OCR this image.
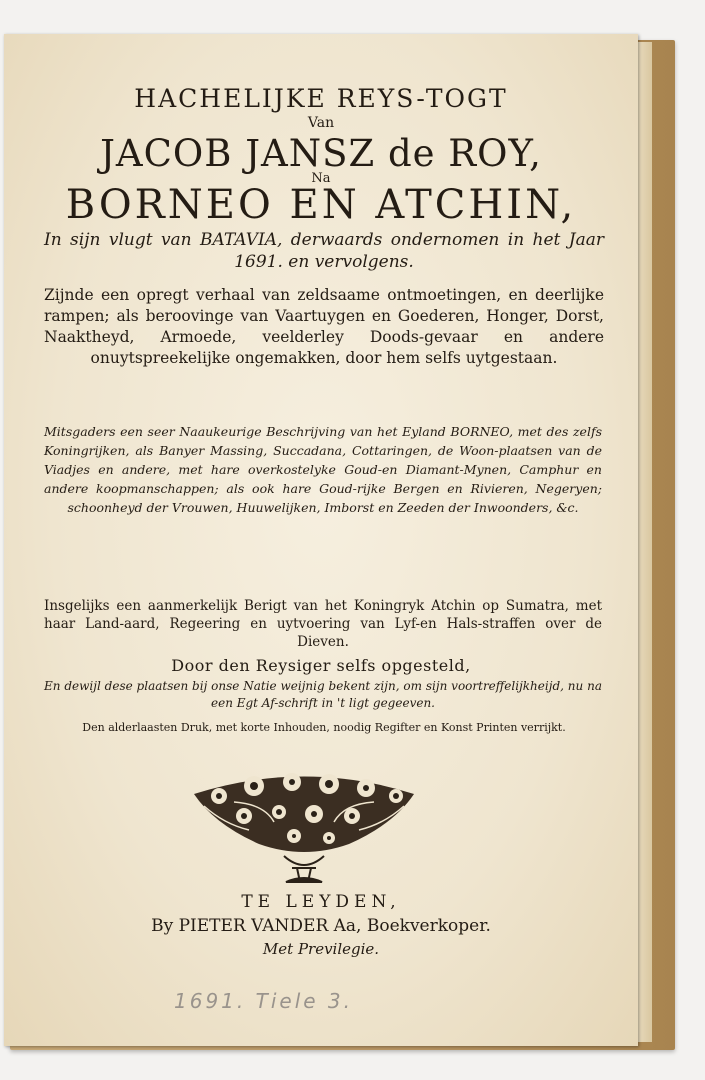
HACHELIJKE REYS-TOGT
Van
JACOB JANSZ de ROY,
Na
BORNEO EN ATCHIN,
In sijn vlugt van BATAVIA, derwaards ondernomen in het Jaar 1691. en vervolgens.
Zijnde een opregt verhaal van zeldsaame ontmoetingen, en deerlijke rampen; als beroovinge van Vaartuygen en Goederen, Honger, Dorst, Naaktheyd, Armoede, veelderley Doods-gevaar en andere onuytspreekelijke ongemakken, door hem selfs uytgestaan.
Mitsgaders een seer Naaukeurige Beschrijving van het Eyland BORNEO, met des zelfs Koningrijken, als Banyer Massing, Succadana, Cottaringen, de Woon-plaatsen van de Viadjes en andere, met hare overkostelyke Goud-en Diamant-Mynen, Camphur en andere koopmanschappen; als ook hare Goud-rijke Bergen en Rivieren, Negeryen; schoonheyd der Vrouwen, Huuwelijken, Imborst en Zeeden der Inwoonders, &c.
Insgelijks een aanmerkelijk Berigt van het Koningryk Atchin op Sumatra, met haar Land-aard, Regeering en uytvoering van Lyf-en Hals-straffen over de Dieven.
Door den Reysiger selfs opgesteld,
En dewijl dese plaatsen bij onse Natie weijnig bekent zijn, om sijn voortreffelijkheijd, nu na een Egt Af-schrift in 't ligt gegeeven.
Den alderlaasten Druk, met korte Inhouden, noodig Regifter en Konst Printen verrijkt.
TE LEYDEN,
By PIETER VANDER Aa, Boekverkoper.
Met Previlegie.
1691. Tiele 3.
